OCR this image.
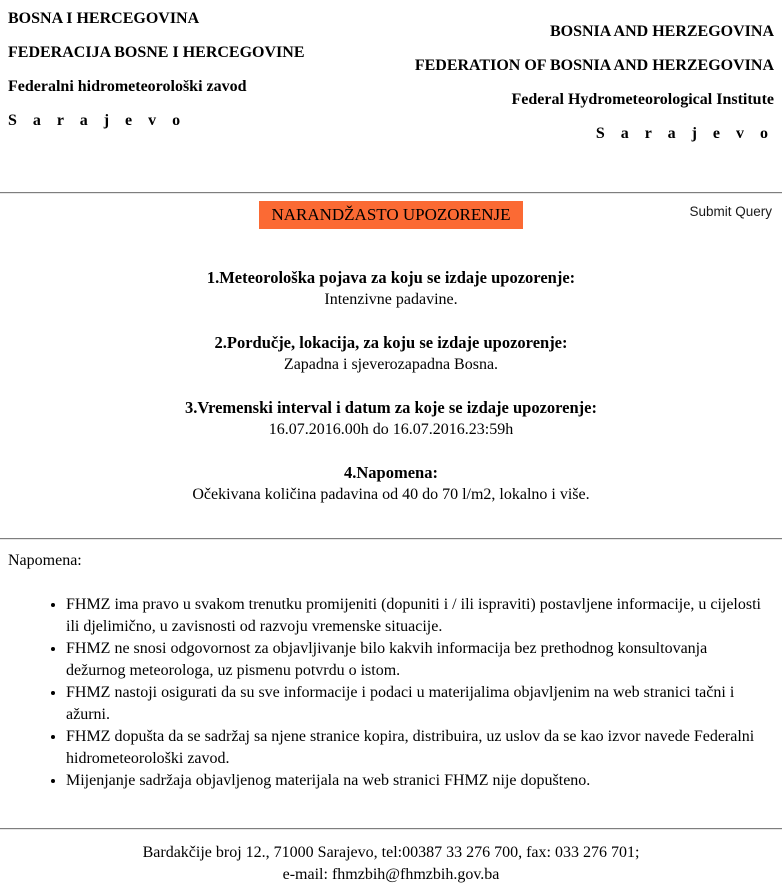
BOSNA I HERCEGOVINA

FEDERACIJA BOSNE I HERCEGOVINE

Federalni hidrometeorološki zavod

S a r a j e v o

BOSNIA AND HERZEGOVINA

FEDERATION OF BOSNIA AND HERZEGOVINA

Federal Hydrometeorological Institute

S a r a j e v o

NARANDŽASTO UPOZORENJE	Submit Query
1.Meteorološka pojava za koju se izdaje upozorenje:
Intenzivne padavine.
2.Pordučje, lokacija, za koju se izdaje upozorenje:
Zapadna i sjeverozapadna Bosna.
3.Vremenski interval i datum za koje se izdaje upozorenje:
16.07.2016.00h do 16.07.2016.23:59h
4.Napomena:
Očekivana količina padavina od 40 do 70 l/m2, lokalno i više.
Napomena:
• FHMZ ima pravo u svakom trenutku promijeniti (dopuniti i / ili ispraviti) postavljene informacije, u cijelosti ili djelimično, u zavisnosti od razvoju vremenske situacije.
• FHMZ ne snosi odgovornost za objavljivanje bilo kakvih informacija bez prethodnog konsultovanja dežurnog meteorologa, uz pismenu potvrdu o istom.
• FHMZ nastoji osigurati da su sve informacije i podaci u materijalima objavljenim na web stranici tačni i ažurni.
• FHMZ dopušta da se sadržaj sa njene stranice kopira, distribuira, uz uslov da se kao izvor navede Federalni hidrometeorološki zavod.
• Mijenjanje sadržaja objavljenog materijala na web stranici FHMZ nije dopušteno.
Bardakčije broj 12., 71000 Sarajevo, tel:00387 33 276 700, fax: 033 276 701;
e-mail: fhmzbih@fhmzbih.gov.ba
